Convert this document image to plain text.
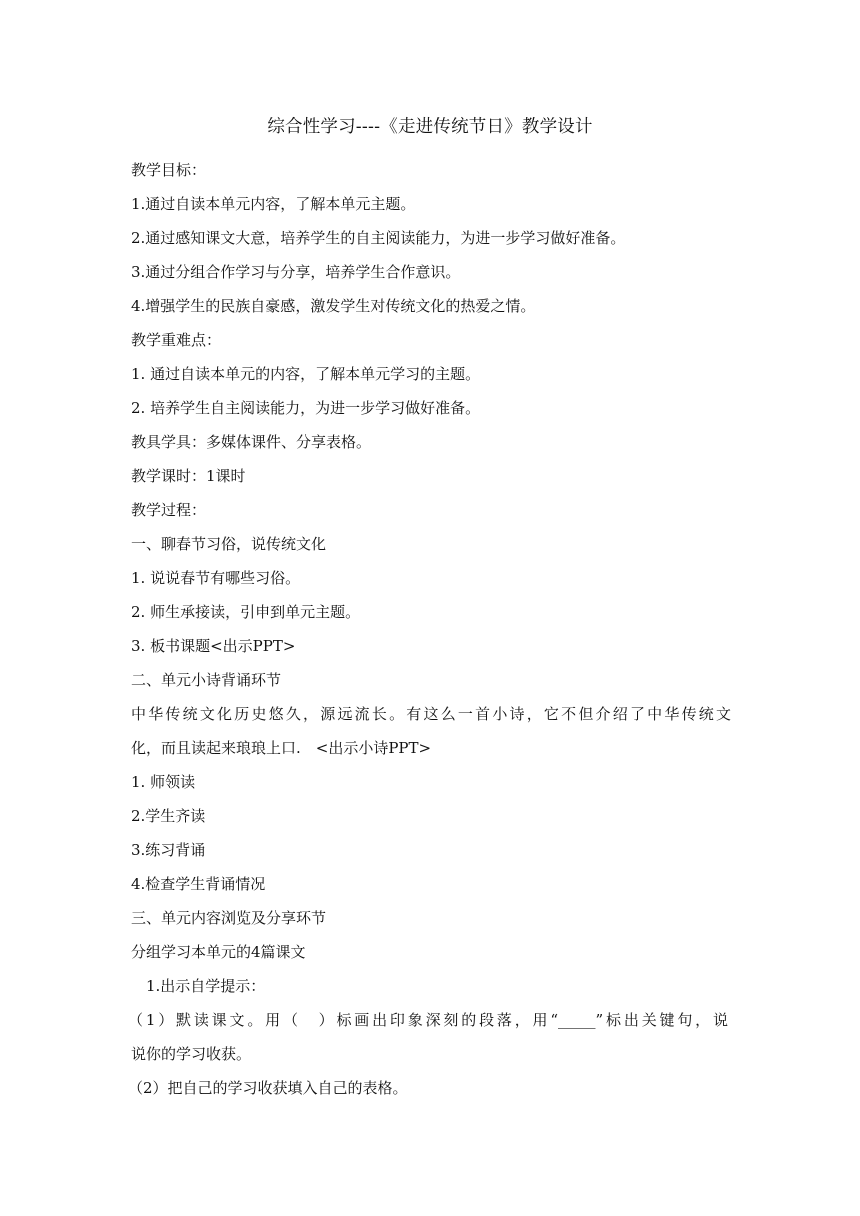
综合性学习----《走进传统节日》教学设计
教学目标：
1.通过自读本单元内容，了解本单元主题。
2.通过感知课文大意，培养学生的自主阅读能力，为进一步学习做好准备。
3.通过分组合作学习与分享，培养学生合作意识。
4.增强学生的民族自豪感，激发学生对传统文化的热爱之情。
教学重难点：
1. 通过自读本单元的内容，了解本单元学习的主题。
2. 培养学生自主阅读能力，为进一步学习做好准备。
教具学具：多媒体课件、分享表格。
教学课时：1课时
教学过程：
一、聊春节习俗，说传统文化
1. 说说春节有哪些习俗。
2. 师生承接读，引申到单元主题。
3. 板书课题<出示PPT>
二、单元小诗背诵环节
中华传统文化历史悠久，源远流长。有这么一首小诗，它不但介绍了中华传统文
化，而且读起来琅琅上口.　<出示小诗PPT>
1. 师领读
2.学生齐读
3.练习背诵
4.检查学生背诵情况
三、单元内容浏览及分享环节
分组学习本单元的4篇课文
1.出示自学提示：
（1）默读课文。用（　）标画出印象深刻的段落，用“_____”标出关键句，说
说你的学习收获。
（2）把自己的学习收获填入自己的表格。
